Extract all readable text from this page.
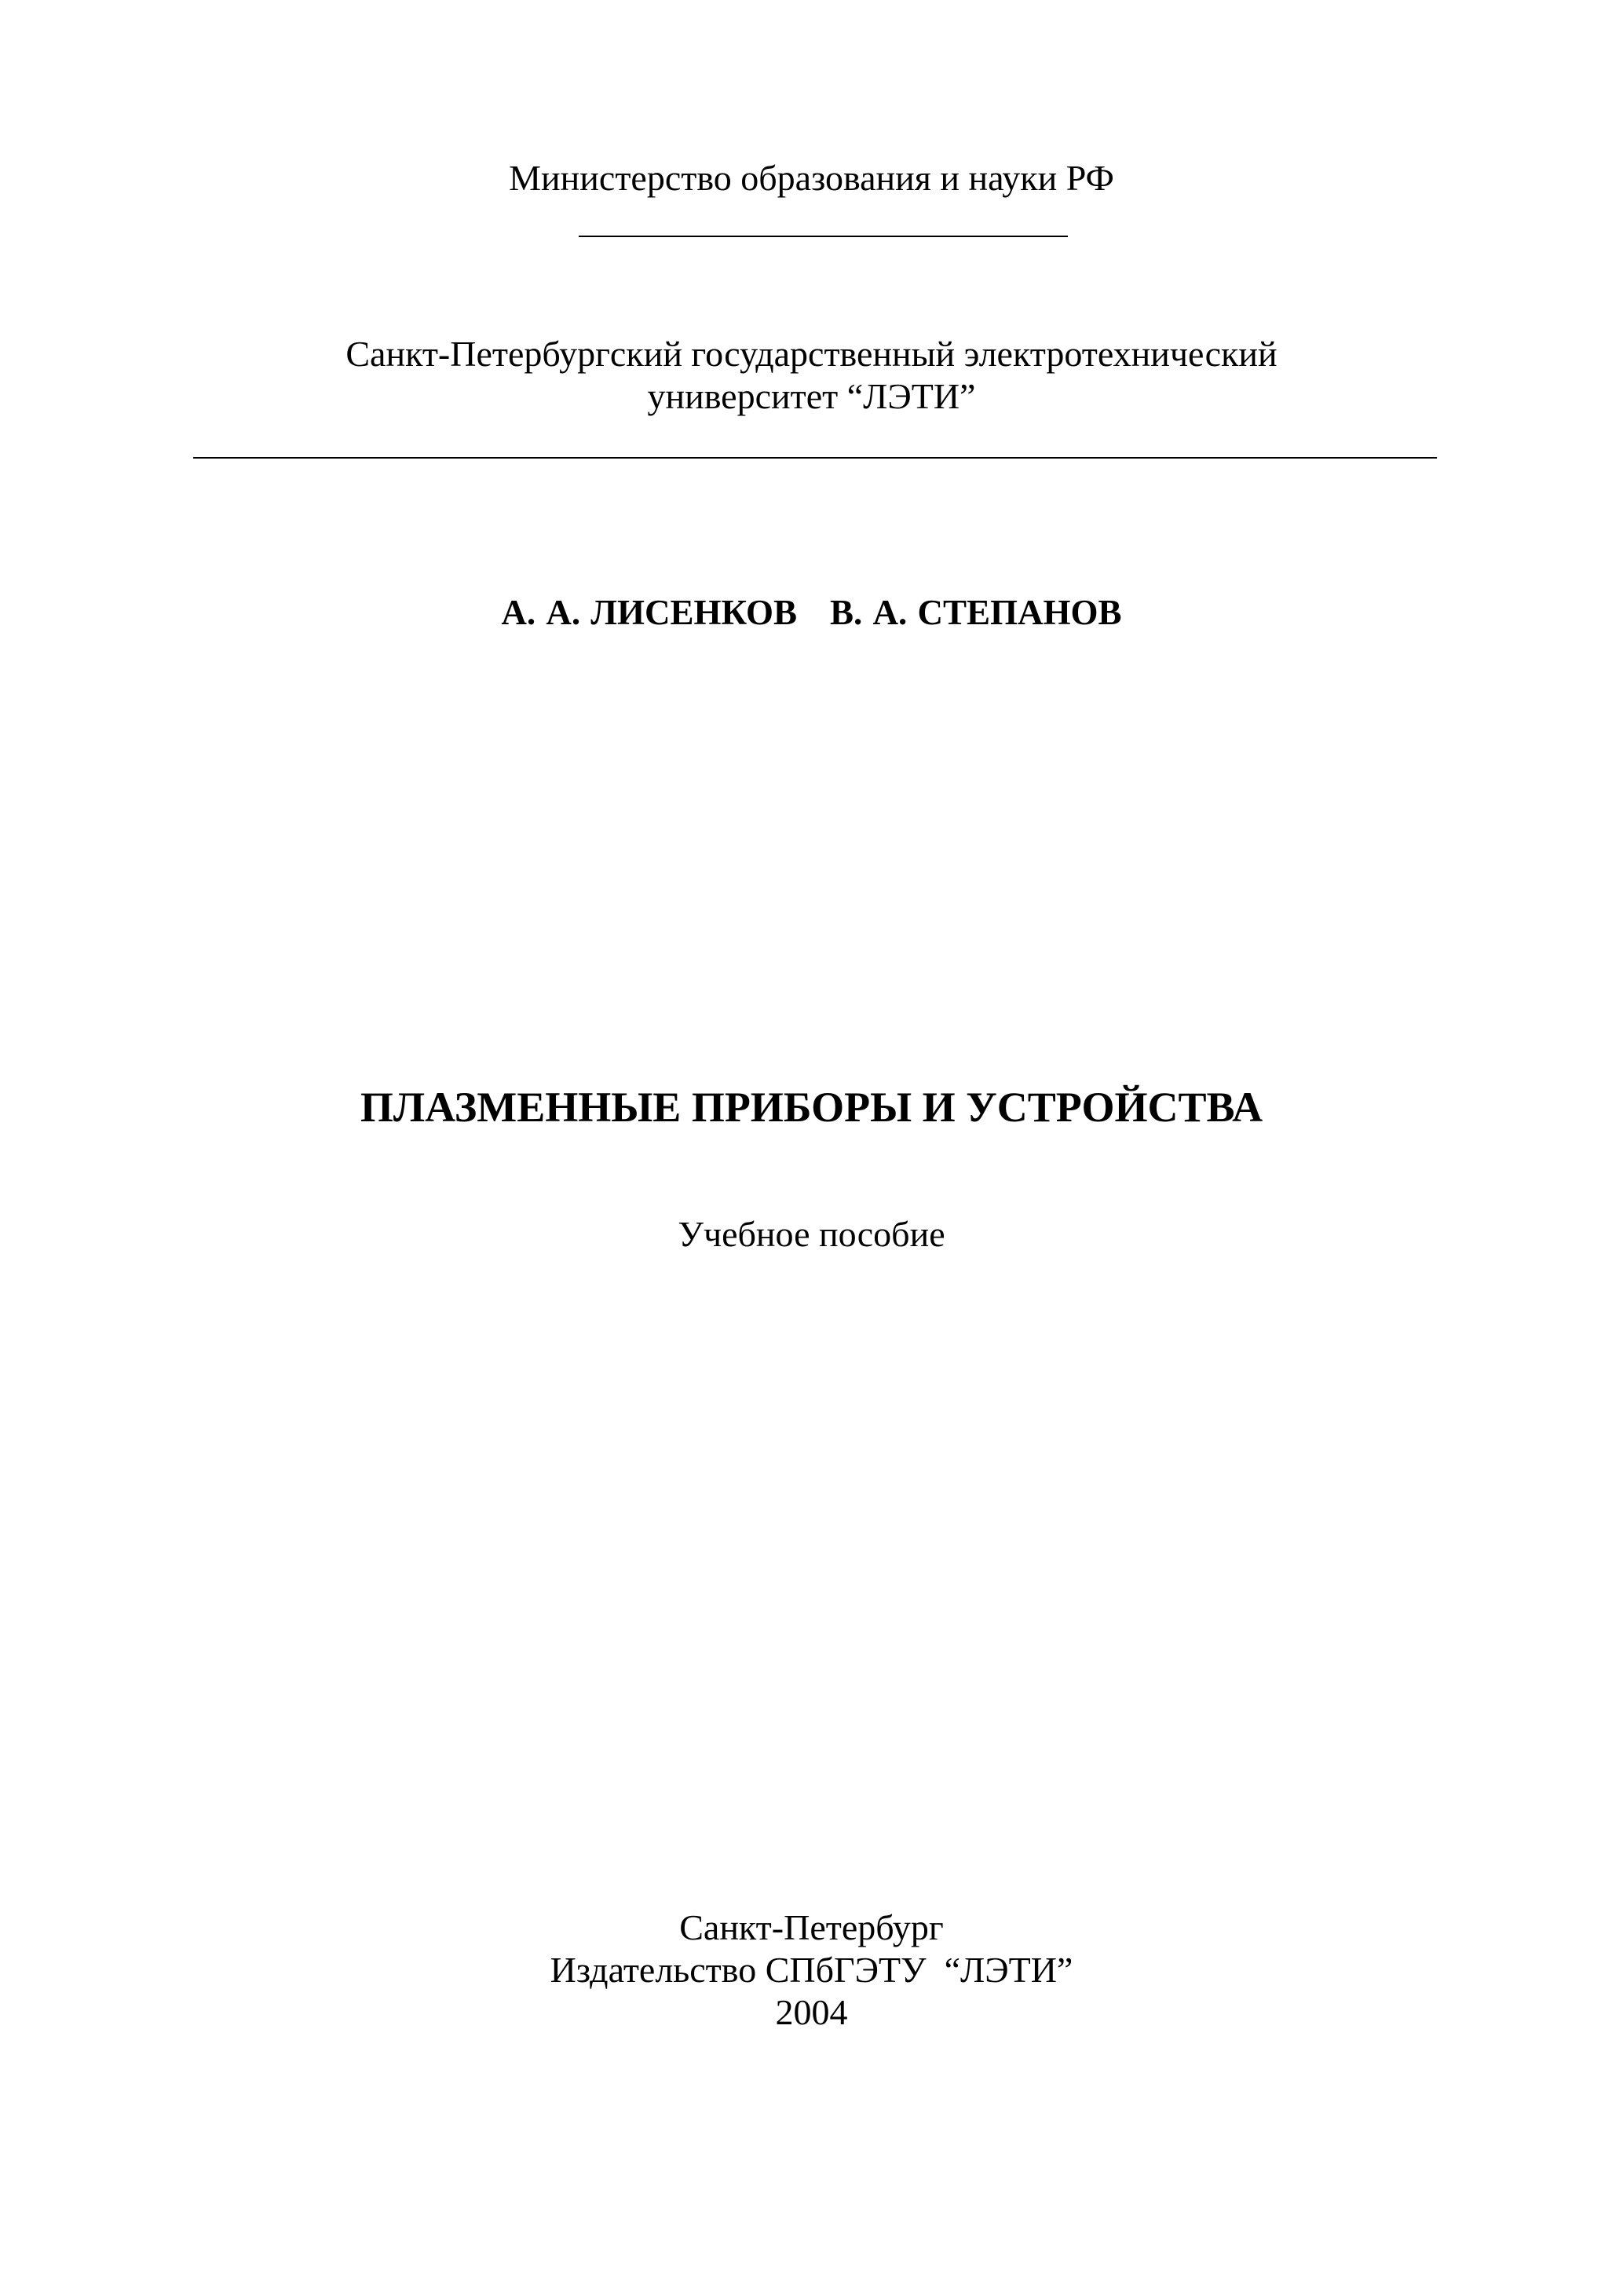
Министерство образования и науки РФ
Санкт-Петербургский государственный электротехнический
университет “ЛЭТИ”
А. А. ЛИСЕНКОВ В. А. СТЕПАНОВ
ПЛАЗМЕННЫЕ ПРИБОРЫ И УСТРОЙСТВА
Учебное пособие
Санкт-Петербург
Издательство СПбГЭТУ  “ЛЭТИ”
2004
